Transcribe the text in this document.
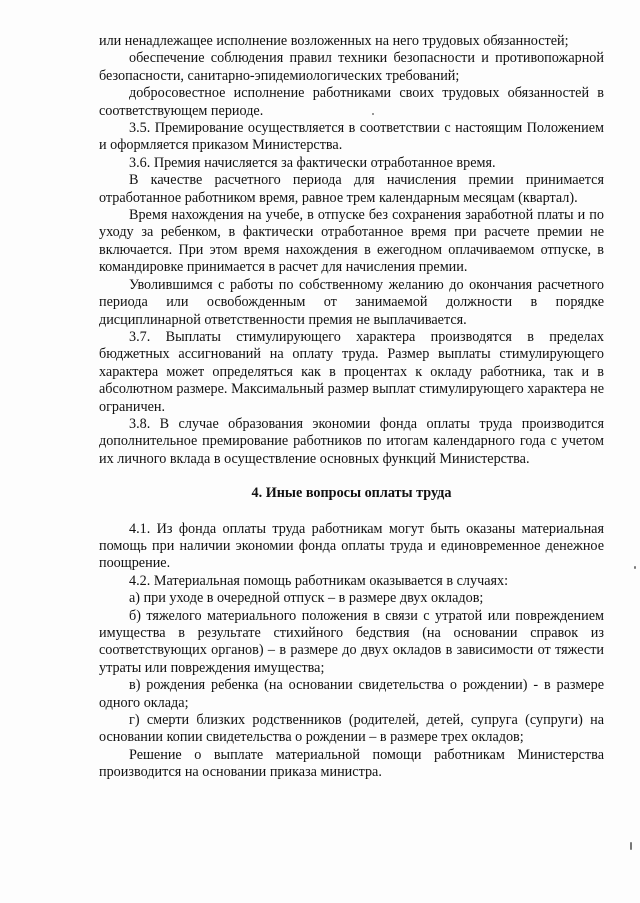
или ненадлежащее исполнение возложенных на него трудовых обязанностей;

обеспечение соблюдения правил техники безопасности и противопожарной безопасности, санитарно-эпидемиологических требований;

добросовестное исполнение работниками своих трудовых обязанностей в соответствующем периоде.

3.5. Премирование осуществляется в соответствии с настоящим Положением и оформляется приказом Министерства.

3.6. Премия начисляется за фактически отработанное время.

В качестве расчетного периода для начисления премии принимается отработанное работником время, равное трем календарным месяцам (квартал).

Время нахождения на учебе, в отпуске без сохранения заработной платы и по уходу за ребенком, в фактически отработанное время при расчете премии не включается. При этом время нахождения в ежегодном оплачиваемом отпуске, в командировке принимается в расчет для начисления премии.

Уволившимся с работы по собственному желанию до окончания расчетного периода или освобожденным от занимаемой должности в порядке дисциплинарной ответственности премия не выплачивается.

3.7. Выплаты стимулирующего характера производятся в пределах бюджетных ассигнований на оплату труда. Размер выплаты стимулирующего характера может определяться как в процентах к окладу работника, так и в абсолютном размере. Максимальный размер выплат стимулирующего характера не ограничен.

3.8. В случае образования экономии фонда оплаты труда производится дополнительное премирование работников по итогам календарного года с учетом их личного вклада в осуществление основных функций Министерства.

4. Иные вопросы оплаты труда

4.1. Из фонда оплаты труда работникам могут быть оказаны материальная помощь при наличии экономии фонда оплаты труда и единовременное денежное поощрение.

4.2. Материальная помощь работникам оказывается в случаях:

а) при уходе в очередной отпуск – в размере двух окладов;

б) тяжелого материального положения в связи с утратой или повреждением имущества в результате стихийного бедствия (на основании справок из соответствующих органов) – в размере до двух окладов в зависимости от тяжести утраты или повреждения имущества;

в) рождения ребенка (на основании свидетельства о рождении) - в размере одного оклада;

г) смерти близких родственников (родителей, детей, супруга (супруги) на основании копии свидетельства о рождении – в размере трех окладов;

Решение о выплате материальной помощи работникам Министерства производится на основании приказа министра.
